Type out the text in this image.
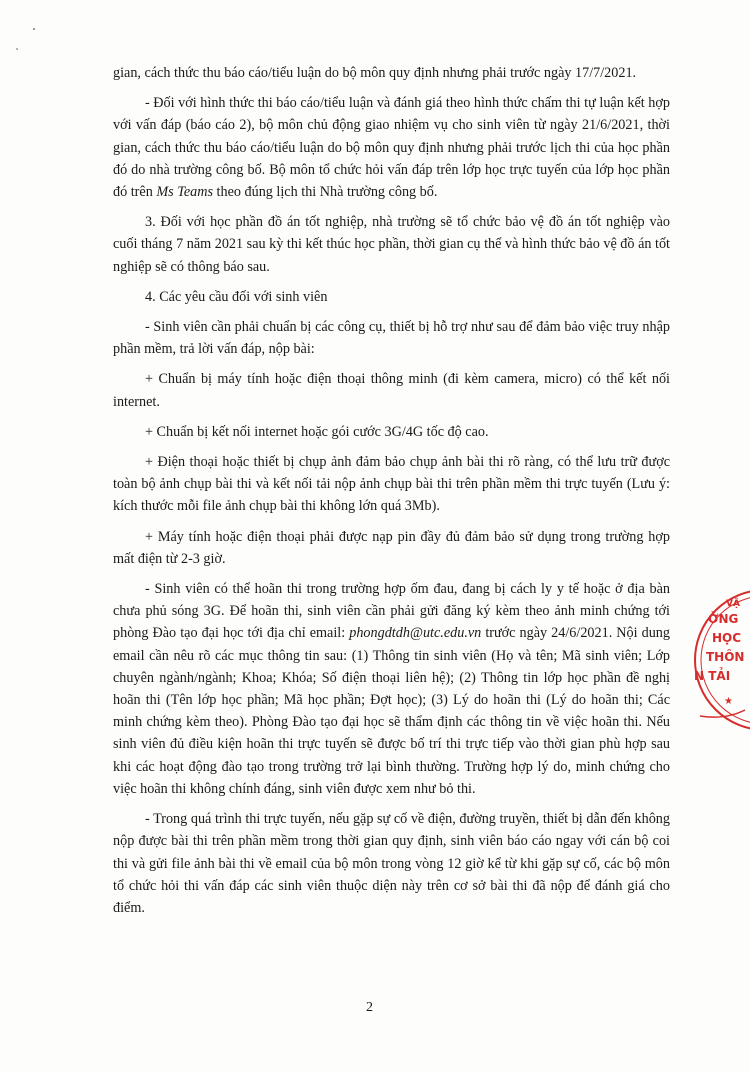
gian, cách thức thu báo cáo/tiểu luận do bộ môn quy định nhưng phải trước ngày 17/7/2021.

- Đối với hình thức thi báo cáo/tiểu luận và đánh giá theo hình thức chấm thi tự luận kết hợp với vấn đáp (báo cáo 2), bộ môn chủ động giao nhiệm vụ cho sinh viên từ ngày 21/6/2021, thời gian, cách thức thu báo cáo/tiểu luận do bộ môn quy định nhưng phải trước lịch thi của học phần đó do nhà trường công bố. Bộ môn tổ chức hỏi vấn đáp trên lớp học trực tuyến của lớp học phần đó trên Ms Teams theo đúng lịch thi Nhà trường công bố.

3. Đối với học phần đồ án tốt nghiệp, nhà trường sẽ tổ chức bảo vệ đồ án tốt nghiệp vào cuối tháng 7 năm 2021 sau kỳ thi kết thúc học phần, thời gian cụ thể và hình thức bảo vệ đồ án tốt nghiệp sẽ có thông báo sau.

4. Các yêu cầu đối với sinh viên

- Sinh viên cần phải chuẩn bị các công cụ, thiết bị hỗ trợ như sau để đảm bảo việc truy nhập phần mềm, trả lời vấn đáp, nộp bài:

+ Chuẩn bị máy tính hoặc điện thoại thông minh (đi kèm camera, micro) có thể kết nối internet.

+ Chuẩn bị kết nối internet hoặc gói cước 3G/4G tốc độ cao.

+ Điện thoại hoặc thiết bị chụp ảnh đảm bảo chụp ảnh bài thi rõ ràng, có thể lưu trữ được toàn bộ ảnh chụp bài thi và kết nối tải nộp ảnh chụp bài thi trên phần mềm thi trực tuyến (Lưu ý: kích thước mỗi file ảnh chụp bài thi không lớn quá 3Mb).

+ Máy tính hoặc điện thoại phải được nạp pin đầy đủ đảm bảo sử dụng trong trường hợp mất điện từ 2-3 giờ.

- Sinh viên có thể hoãn thi trong trường hợp ốm đau, đang bị cách ly y tế hoặc ở địa bàn chưa phủ sóng 3G. Để hoãn thi, sinh viên cần phải gửi đăng ký kèm theo ảnh minh chứng tới phòng Đào tạo đại học tới địa chỉ email: phongdtdh@utc.edu.vn trước ngày 24/6/2021. Nội dung email cần nêu rõ các mục thông tin sau: (1) Thông tin sinh viên (Họ và tên; Mã sinh viên; Lớp chuyên ngành/ngành; Khoa; Khóa; Số điện thoại liên hệ); (2) Thông tin lớp học phần đề nghị hoãn thi (Tên lớp học phần; Mã học phần; Đợt học); (3) Lý do hoãn thi (Lý do hoãn thi; Các minh chứng kèm theo). Phòng Đào tạo đại học sẽ thẩm định các thông tin về việc hoãn thi. Nếu sinh viên đủ điều kiện hoãn thi trực tuyến sẽ được bố trí thi trực tiếp vào thời gian phù hợp sau khi các hoạt động đào tạo trong trường trở lại bình thường. Trường hợp lý do, minh chứng cho việc hoãn thi không chính đáng, sinh viên được xem như bỏ thi.

- Trong quá trình thi trực tuyến, nếu gặp sự cố về điện, đường truyền, thiết bị dẫn đến không nộp được bài thi trên phần mềm trong thời gian quy định, sinh viên báo cáo ngay với cán bộ coi thi và gửi file ảnh bài thi về email của bộ môn trong vòng 12 giờ kể từ khi gặp sự cố, các bộ môn tổ chức hỏi thi vấn đáp các sinh viên thuộc diện này trên cơ sở bài thi đã nộp để đánh giá cho điểm.

2
VẬ
ỜNG
HỌC
THÔN
N TẢI
★
